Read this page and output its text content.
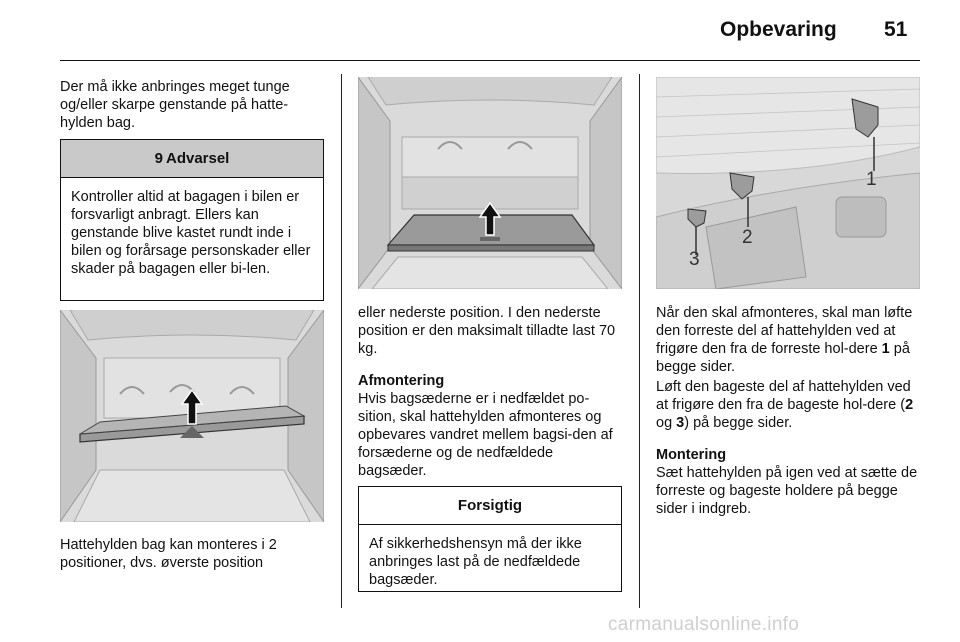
Opbevaring 51
Der må ikke anbringes meget tunge og/eller skarpe genstande på hatte-hylden bag.
9 Advarsel
Kontroller altid at bagagen i bilen er forsvarligt anbragt. Ellers kan genstande blive kastet rundt inde i bilen og forårsage personskader eller skader på bagagen eller bi-len.
Hattehylden bag kan monteres i 2 positioner, dvs. øverste position
eller nederste position. I den nederste position er den maksimalt tilladte last 70 kg.
Afmontering
Hvis bagsæderne er i nedfældet po-sition, skal hattehylden afmonteres og opbevares vandret mellem bagsi-den af forsæderne og de nedfældede bagsæder.
Forsigtig
Af sikkerhedshensyn må der ikke anbringes last på de nedfældede bagsæder.
1
2
3
Når den skal afmonteres, skal man løfte den forreste del af hattehylden ved at frigøre den fra de forreste hol-dere 1 på begge sider.
Løft den bageste del af hattehylden ved at frigøre den fra de bageste hol-dere (2 og 3) på begge sider.
Montering
Sæt hattehylden på igen ved at sætte de forreste og bageste holdere på begge sider i indgreb.
carmanualsonline.info
